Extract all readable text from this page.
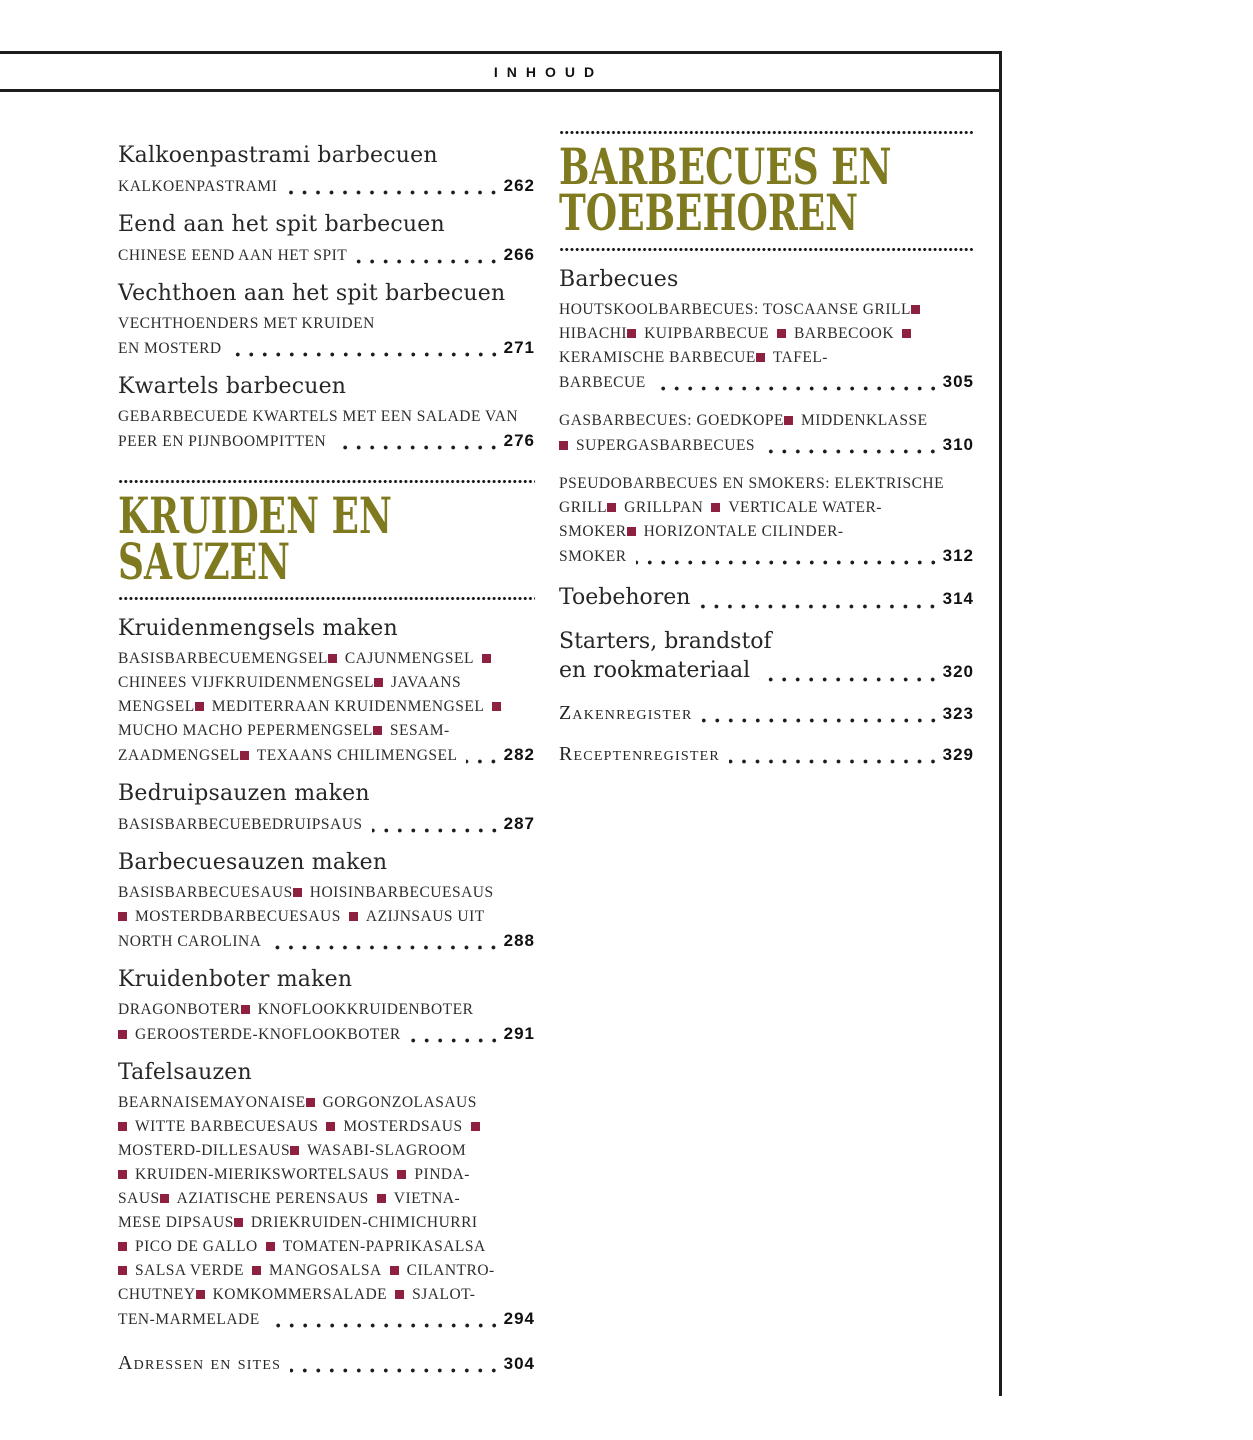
INHOUD
Kalkoenpastrami barbecuen
KALKOENPASTRAMI	262
Eend aan het spit barbecuen
CHINESE EEND AAN HET SPIT	266
Vechthoen aan het spit barbecuen
VECHTHOENDERS MET KRUIDEN
EN MOSTERD	271
Kwartels barbecuen
GEBARBECUEDE KWARTELS MET EEN SALADE VAN
PEER EN PIJNBOOMPITTEN	276
KRUIDEN EN
SAUZEN
Kruidenmengsels maken
BASISBARBECUEMENGSEL CAJUNMENGSEL
CHINEES VIJFKRUIDENMENGSEL JAVAANS
MENGSEL MEDITERRAAN KRUIDENMENGSEL
MUCHO MACHO PEPERMENGSEL SESAM-
ZAADMENGSEL TEXAANS CHILIMENGSEL	282
Bedruipsauzen maken
BASISBARBECUEBEDRUIPSAUS	287
Barbecuesauzen maken
BASISBARBECUESAUS HOISINBARBECUESAUS
MOSTERDBARBECUESAUS AZIJNSAUS UIT
NORTH CAROLINA	288
Kruidenboter maken
DRAGONBOTER KNOFLOOKKRUIDENBOTER
GEROOSTERDE-KNOFLOOKBOTER	291
Tafelsauzen
BEARNAISEMAYONAISE GORGONZOLASAUS
WITTE BARBECUESAUS MOSTERDSAUS
MOSTERD-DILLESAUS WASABI-SLAGROOM
KRUIDEN-MIERIKSWORTELSAUS PINDA-
SAUS AZIATISCHE PERENSAUS VIETNA-
MESE DIPSAUS DRIEKRUIDEN-CHIMICHURRI
PICO DE GALLO TOMATEN-PAPRIKASALSA
SALSA VERDE MANGOSALSA CILANTRO-
CHUTNEY KOMKOMMERSALADE SJALOT-
TEN-MARMELADE	294
Adressen en sites	304
BARBECUES EN
TOEBEHOREN
Barbecues
HOUTSKOOLBARBECUES: TOSCAANSE GRILL
HIBACHI KUIPBARBECUE BARBECOOK
KERAMISCHE BARBECUE TAFEL-
BARBECUE	305
GASBARBECUES: GOEDKOPE MIDDENKLASSE
SUPERGASBARBECUES	310
PSEUDOBARBECUES EN SMOKERS: ELEKTRISCHE
GRILL GRILLPAN VERTICALE WATER-
SMOKER HORIZONTALE CILINDER-
SMOKER	312
Toebehoren	314
Starters, brandstof
en rookmateriaal	320
Zakenregister	323
Receptenregister	329
